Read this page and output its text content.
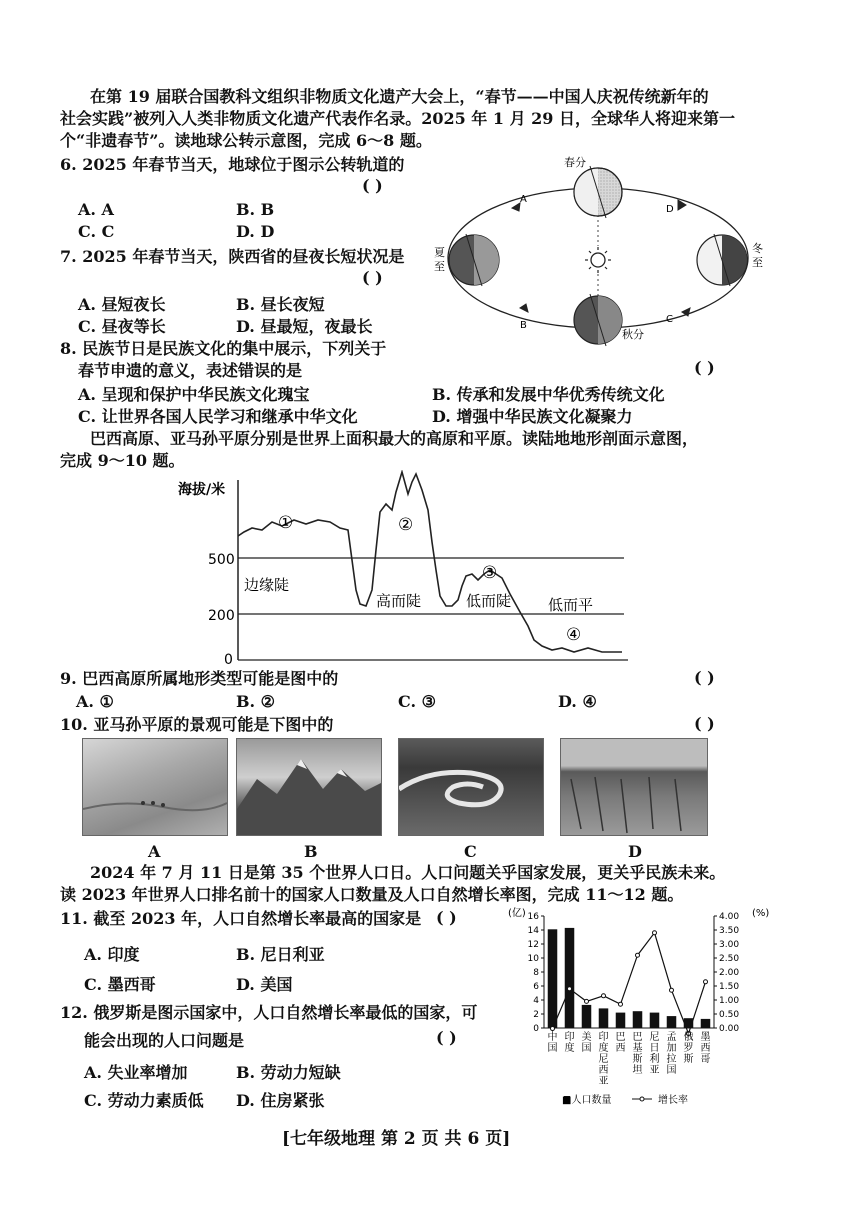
在第 19 届联合国教科文组织非物质文化遗产大会上，“春节——中国人庆祝传统新年的
社会实践”被列入人类非物质文化遗产代表作名录。2025 年 1 月 29 日，全球华人将迎来第一
个“非遗春节”。读地球公转示意图，完成 6～8 题。
6. 2025 年春节当天，地球位于图示公转轨道的
( )
A. A	B. B
C. C	D. D
7. 2025 年春节当天，陕西省的昼夜长短状况是
( )
A. 昼短夜长	B. 昼长夜短
C. 昼夜等长	D. 昼最短，夜最长
8. 民族节日是民族文化的集中展示，下列关于
春节申遗的意义，表述错误的是	( )
A. 呈现和保护中华民族文化瑰宝	B. 传承和发展中华优秀传统文化
C. 让世界各国人民学习和继承中华文化	D. 增强中华民族文化凝聚力
A
D
B
C
春分
秋分
夏
至
冬
至
巴西高原、亚马孙平原分别是世界上面积最大的高原和平原。读陆地地形剖面示意图，
完成 9～10 题。
海拔/米
500
200
0
①	②
③
④
边缘陡
高而陡	低而陡 低而平
9. 巴西高原所属地形类型可能是图中的	( )
A. ①	B. ②	C. ③	D. ④
10. 亚马孙平原的景观可能是下图中的	( )
A	B	C	D
2024 年 7 月 11 日是第 35 个世界人口日。人口问题关乎国家发展，更关乎民族未来。
读 2023 年世界人口排名前十的国家人口数量及人口自然增长率图，完成 11～12 题。
11. 截至 2023 年，人口自然增长率最高的国家是 ( )
A. 印度	B. 尼日利亚
C. 墨西哥	D. 美国
12. 俄罗斯是图示国家中，人口自然增长率最低的国家，可
能会出现的人口问题是	( )
A. 失业率增加	B. 劳动力短缺
C. 劳动力素质低 D. 住房紧张
(亿)	(%)
16
14
12
10
8
6
4
2
0
4.00
3.50
3.00
2.50
2.00
1.50
1.00
0.50
0.00
中
国
印
度
美
国
印
度
尼
西
亚
巴
西
巴
基
斯
坦
尼
日
利
亚
孟
加
拉
国
俄
罗
斯
墨
西
哥
■人口数量	增长率
[七年级地理 第 2 页 共 6 页]
